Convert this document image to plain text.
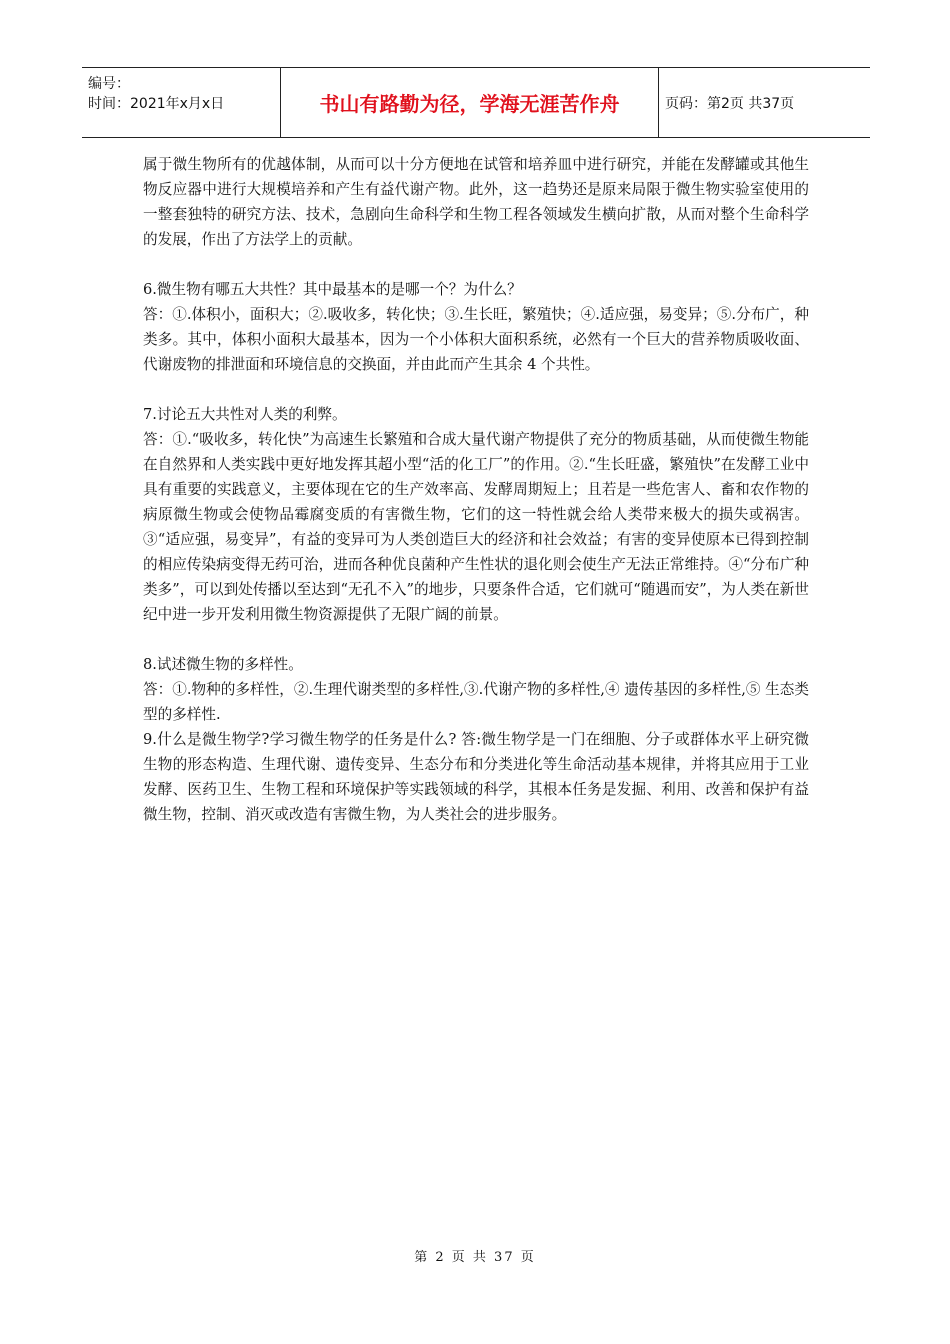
编号：
时间：2021年x月x日	书山有路勤为径，学海无涯苦作舟	页码：第2页 共37页

属于微生物所有的优越体制，从而可以十分方便地在试管和培养皿中进行研究，并能在发酵罐或其他生物反应器中进行大规模培养和产生有益代谢产物。此外，这一趋势还是原来局限于微生物实验室使用的一整套独特的研究方法、技术，急剧向生命科学和生物工程各领域发生横向扩散，从而对整个生命科学的发展，作出了方法学上的贡献。

6.微生物有哪五大共性？其中最基本的是哪一个？为什么？

答：①.体积小，面积大；②.吸收多，转化快；③.生长旺，繁殖快；④.适应强，易变异；⑤.分布广，种类多。其中，体积小面积大最基本，因为一个小体积大面积系统，必然有一个巨大的营养物质吸收面、代谢废物的排泄面和环境信息的交换面，并由此而产生其余 4 个共性。

7.讨论五大共性对人类的利弊。

答：①.“吸收多，转化快”为高速生长繁殖和合成大量代谢产物提供了充分的物质基础，从而使微生物能在自然界和人类实践中更好地发挥其超小型“活的化工厂”的作用。②.“生长旺盛，繁殖快”在发酵工业中具有重要的实践意义，主要体现在它的生产效率高、发酵周期短上；且若是一些危害人、畜和农作物的病原微生物或会使物品霉腐变质的有害微生物，它们的这一特性就会给人类带来极大的损失或祸害。③“适应强，易变异”，有益的变异可为人类创造巨大的经济和社会效益；有害的变异使原本已得到控制的相应传染病变得无药可治，进而各种优良菌种产生性状的退化则会使生产无法正常维持。④“分布广种类多”，可以到处传播以至达到“无孔不入”的地步，只要条件合适，它们就可“随遇而安”，为人类在新世纪中进一步开发利用微生物资源提供了无限广阔的前景。

8.试述微生物的多样性。

答：①.物种的多样性，②.生理代谢类型的多样性,③.代谢产物的多样性,④ 遗传基因的多样性,⑤ 生态类型的多样性.

9.什么是微生物学?学习微生物学的任务是什么? 答:微生物学是一门在细胞、分子或群体水平上研究微生物的形态构造、生理代谢、遗传变异、生态分布和分类进化等生命活动基本规律，并将其应用于工业发酵、医药卫生、生物工程和环境保护等实践领域的科学，其根本任务是发掘、利用、改善和保护有益微生物，控制、消灭或改造有害微生物，为人类社会的进步服务。

第 2 页 共 37 页
